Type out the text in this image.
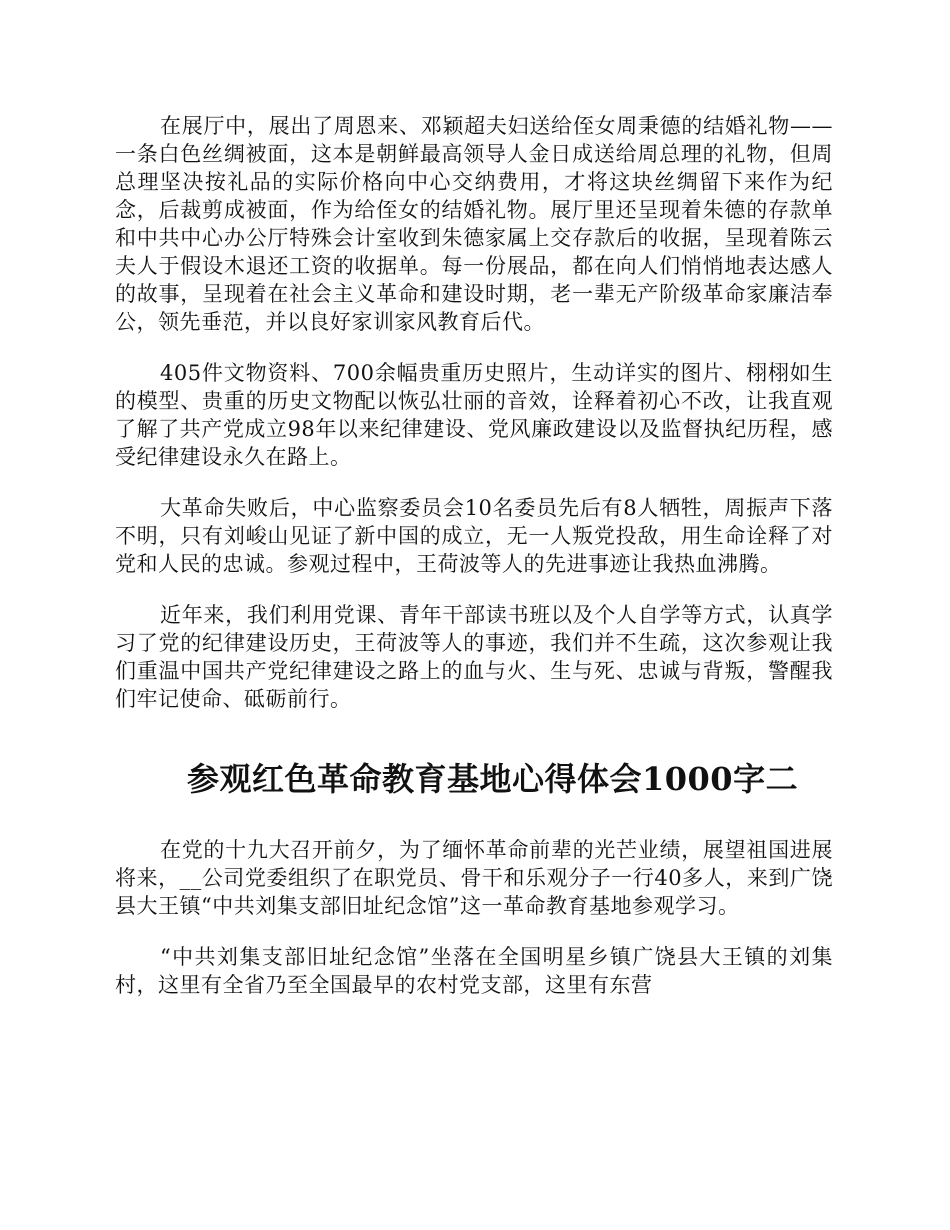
在展厅中，展出了周恩来、邓颖超夫妇送给侄女周秉德的结婚礼物——一条白色丝绸被面，这本是朝鲜最高领导人金日成送给周总理的礼物，但周总理坚决按礼品的实际价格向中心交纳费用，才将这块丝绸留下来作为纪念，后裁剪成被面，作为给侄女的结婚礼物。展厅里还呈现着朱德的存款单和中共中心办公厅特殊会计室收到朱德家属上交存款后的收据，呈现着陈云夫人于假设木退还工资的收据单。每一份展品，都在向人们悄悄地表达感人的故事，呈现着在社会主义革命和建设时期，老一辈无产阶级革命家廉洁奉公，领先垂范，并以良好家训家风教育后代。

405件文物资料、700余幅贵重历史照片，生动详实的图片、栩栩如生的模型、贵重的历史文物配以恢弘壮丽的音效，诠释着初心不改，让我直观了解了共产党成立98年以来纪律建设、党风廉政建设以及监督执纪历程，感受纪律建设永久在路上。

大革命失败后，中心监察委员会10名委员先后有8人牺牲，周振声下落不明，只有刘峻山见证了新中国的成立，无一人叛党投敌，用生命诠释了对党和人民的忠诚。参观过程中，王荷波等人的先进事迹让我热血沸腾。

近年来，我们利用党课、青年干部读书班以及个人自学等方式，认真学习了党的纪律建设历史，王荷波等人的事迹，我们并不生疏，这次参观让我们重温中国共产党纪律建设之路上的血与火、生与死、忠诚与背叛，警醒我们牢记使命、砥砺前行。

参观红色革命教育基地心得体会1000字二

在党的十九大召开前夕，为了缅怀革命前辈的光芒业绩，展望祖国进展将来，__公司党委组织了在职党员、骨干和乐观分子一行40多人，来到广饶县大王镇“中共刘集支部旧址纪念馆”这一革命教育基地参观学习。

“中共刘集支部旧址纪念馆”坐落在全国明星乡镇广饶县大王镇的刘集村，这里有全省乃至全国最早的农村党支部，这里有东营
